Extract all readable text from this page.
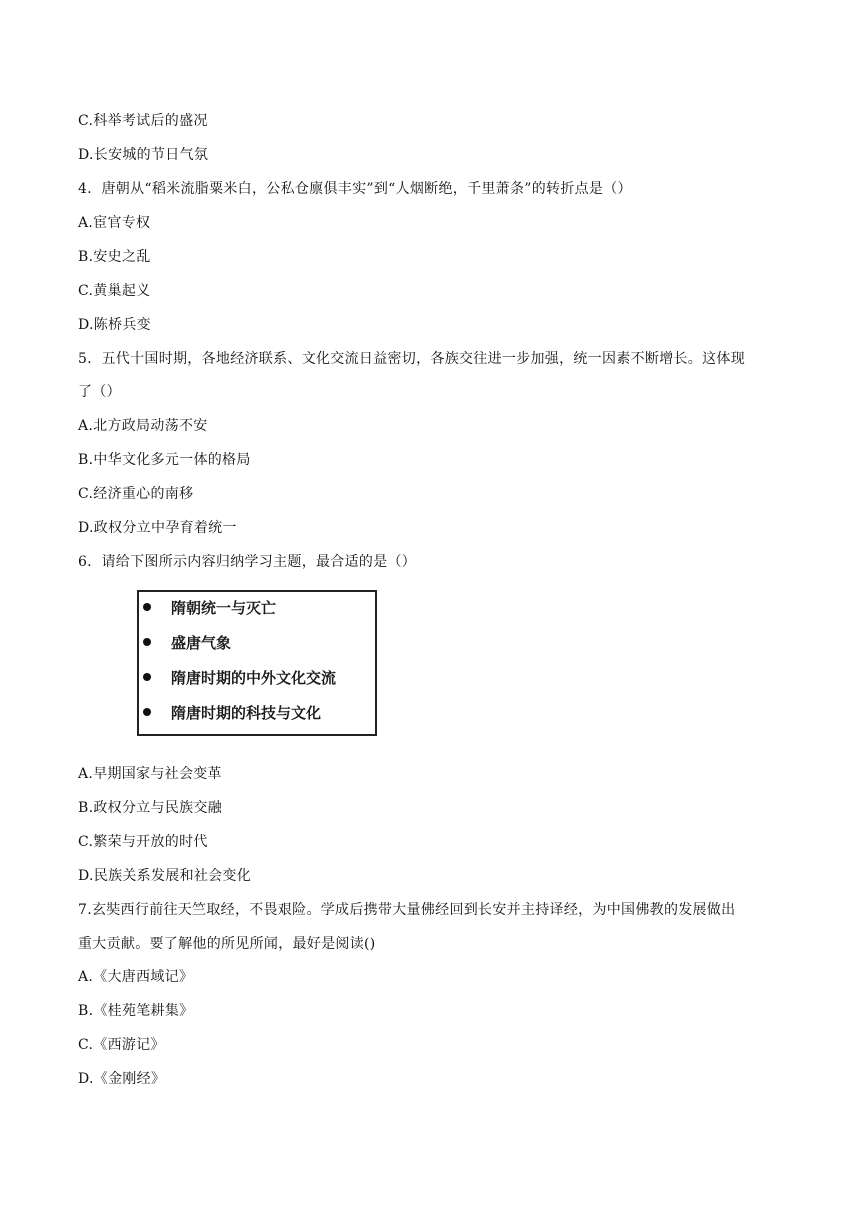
C.科举考试后的盛况
D.长安城的节日气氛
4．唐朝从“稻米流脂粟米白，公私仓廪俱丰实”到“人烟断绝，千里萧条”的转折点是（）
A.宦官专权
B.安史之乱
C.黄巢起义
D.陈桥兵变
5．五代十国时期，各地经济联系、文化交流日益密切，各族交往进一步加强，统一因素不断增长。这体现
了（）
A.北方政局动荡不安
B.中华文化多元一体的格局
C.经济重心的南移
D.政权分立中孕育着统一
6．请给下图所示内容归纳学习主题，最合适的是（）
隋朝统一与灭亡
盛唐气象
隋唐时期的中外文化交流
隋唐时期的科技与文化
A.早期国家与社会变革
B.政权分立与民族交融
C.繁荣与开放的时代
D.民族关系发展和社会变化
7.玄奘西行前往天竺取经，不畏艰险。学成后携带大量佛经回到长安并主持译经，为中国佛教的发展做出
重大贡献。要了解他的所见所闻，最好是阅读()
A.《大唐西域记》
B.《桂苑笔耕集》
C.《西游记》
D.《金刚经》
